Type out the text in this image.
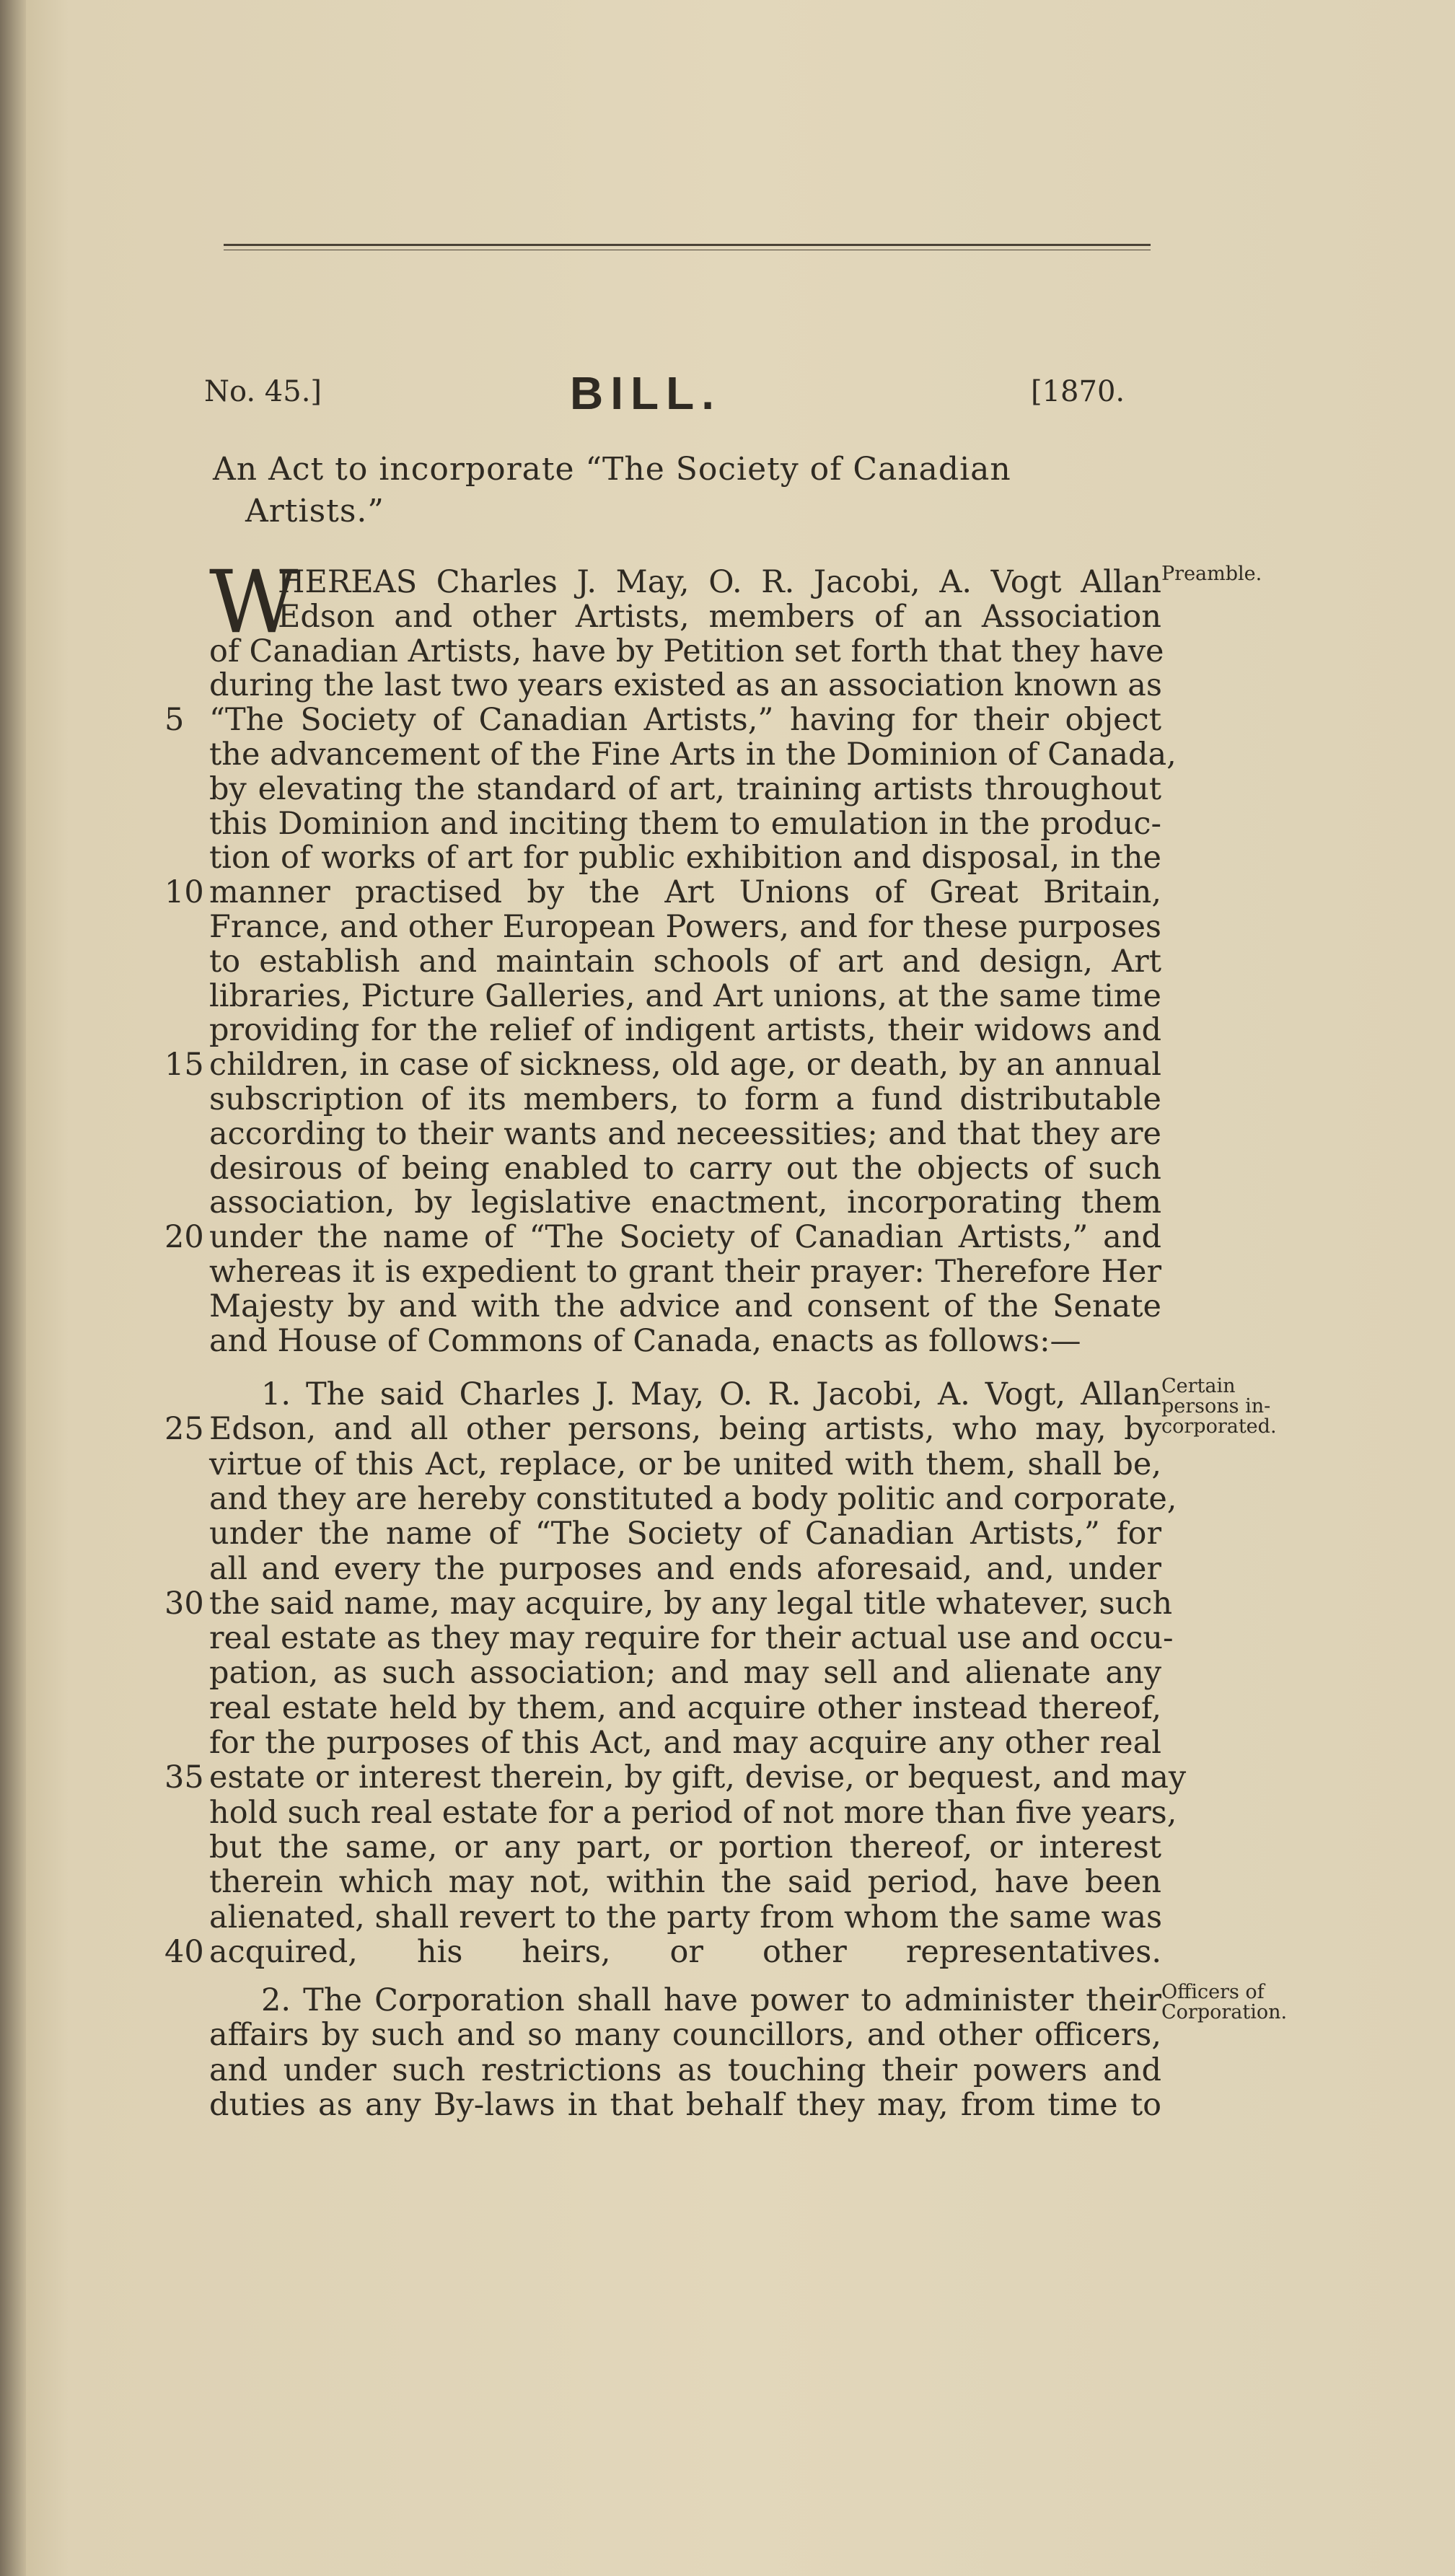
No. 45.]	BILL.	[1870.
An Act to incorporate “The Society of Canadian
Artists.”
W	Preamble.
Certain persons in- corporated.
Officers of Corporation.
HEREAS Charles J. May, O. R. Jacobi, A. Vogt Allan
Edson and other Artists, members of an Association
of Canadian Artists, have by Petition set forth that they have
during the last two years existed as an association known as
“The Society of Canadian Artists,” having for their object
5
the advancement of the Fine Arts in the Dominion of Canada,
by elevating the standard of art, training artists throughout
this Dominion and inciting them to emulation in the produc-
tion of works of art for public exhibition and disposal, in the
manner practised by the Art Unions of Great Britain,
10
France, and other European Powers, and for these purposes
to establish and maintain schools of art and design, Art
libraries, Picture Galleries, and Art unions, at the same time
providing for the relief of indigent artists, their widows and
children, in case of sickness, old age, or death, by an annual
15
subscription of its members, to form a fund distributable
according to their wants and neceessities; and that they are
desirous of being enabled to carry out the objects of such
association, by legislative enactment, incorporating them
under the name of “The Society of Canadian Artists,” and
20
whereas it is expedient to grant their prayer: Therefore Her
Majesty by and with the advice and consent of the Senate
and House of Commons of Canada, enacts as follows:—
1. The said Charles J. May, O. R. Jacobi, A. Vogt, Allan
Edson, and all other persons, being artists, who may, by
25
virtue of this Act, replace, or be united with them, shall be,
and they are hereby constituted a body politic and corporate,
under the name of “The Society of Canadian Artists,” for
all and every the purposes and ends aforesaid, and, under
the said name, may acquire, by any legal title whatever, such
30
real estate as they may require for their actual use and occu-
pation, as such association; and may sell and alienate any
real estate held by them, and acquire other instead thereof,
for the purposes of this Act, and may acquire any other real
estate or interest therein, by gift, devise, or bequest, and may
35
hold such real estate for a period of not more than five years,
but the same, or any part, or portion thereof, or interest
therein which may not, within the said period, have been
alienated, shall revert to the party from whom the same was
acquired, his heirs, or other representatives.
40
2. The Corporation shall have power to administer their
affairs by such and so many councillors, and other officers,
and under such restrictions as touching their powers and
duties as any By-laws in that behalf they may, from time to
